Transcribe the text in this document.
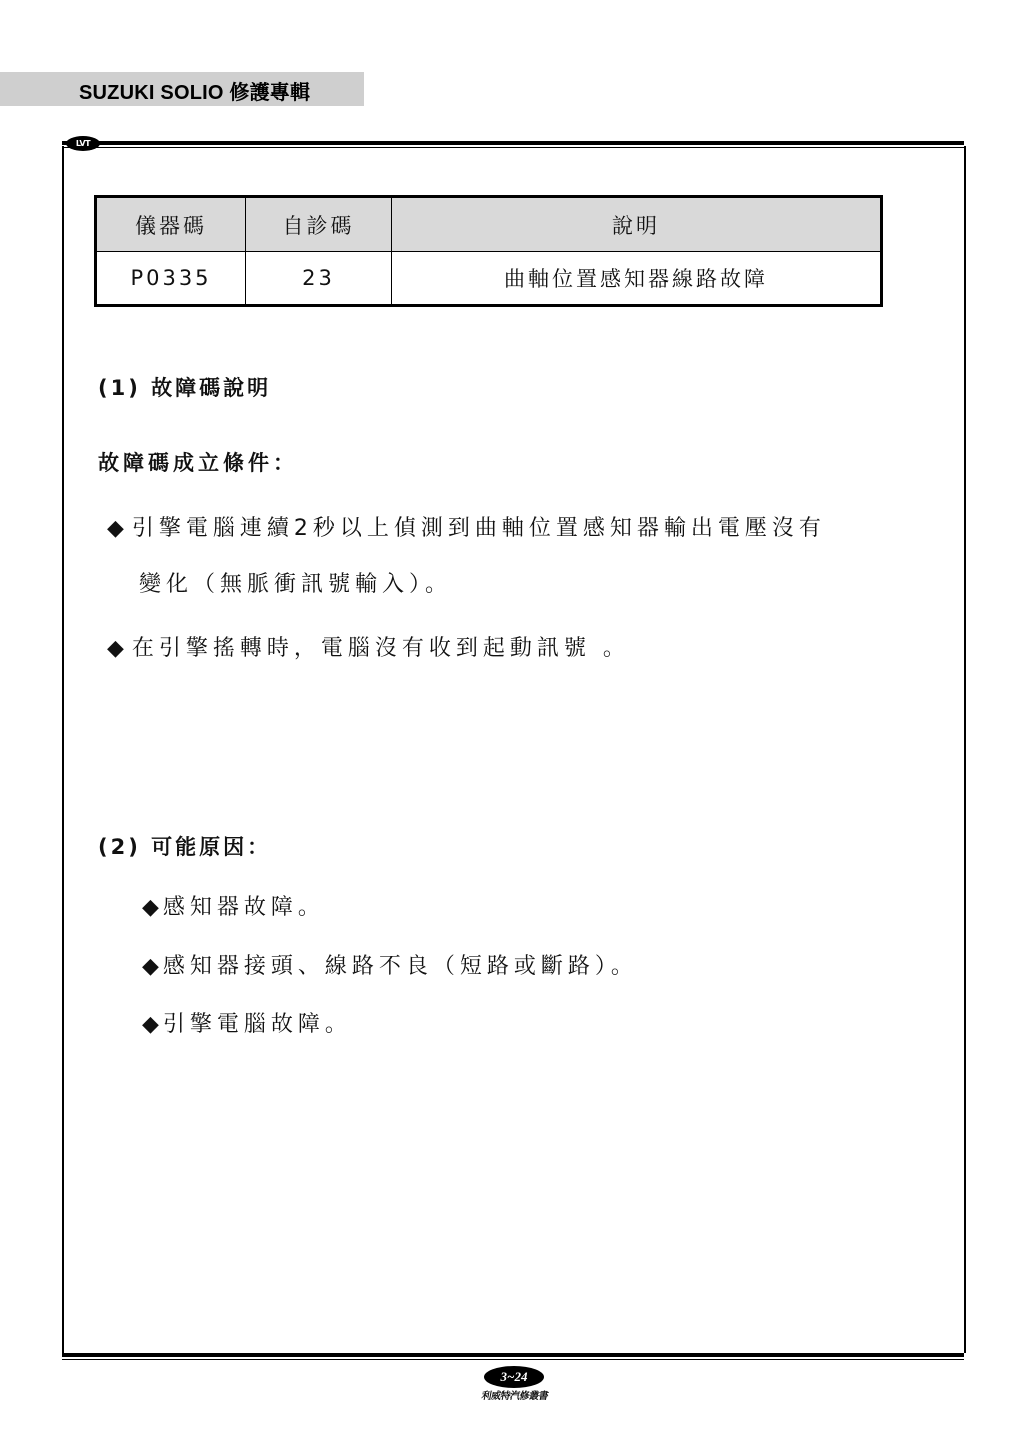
SUZUKI SOLIO 修護專輯
LVT
儀器碼	自診碼	說明
P0335	23	曲軸位置感知器線路故障
(1) 故障碼說明
故障碼成立條件：
◆ 引擎電腦連續2秒以上偵測到曲軸位置感知器輸出電壓沒有
變化（無脈衝訊號輸入）。
◆ 在引擎搖轉時，電腦沒有收到起動訊號 。
(2) 可能原因：
◆ 感知器故障。
◆ 感知器接頭、線路不良（短路或斷路）。
◆ 引擎電腦故障。
3~24
利威特汽修叢書
